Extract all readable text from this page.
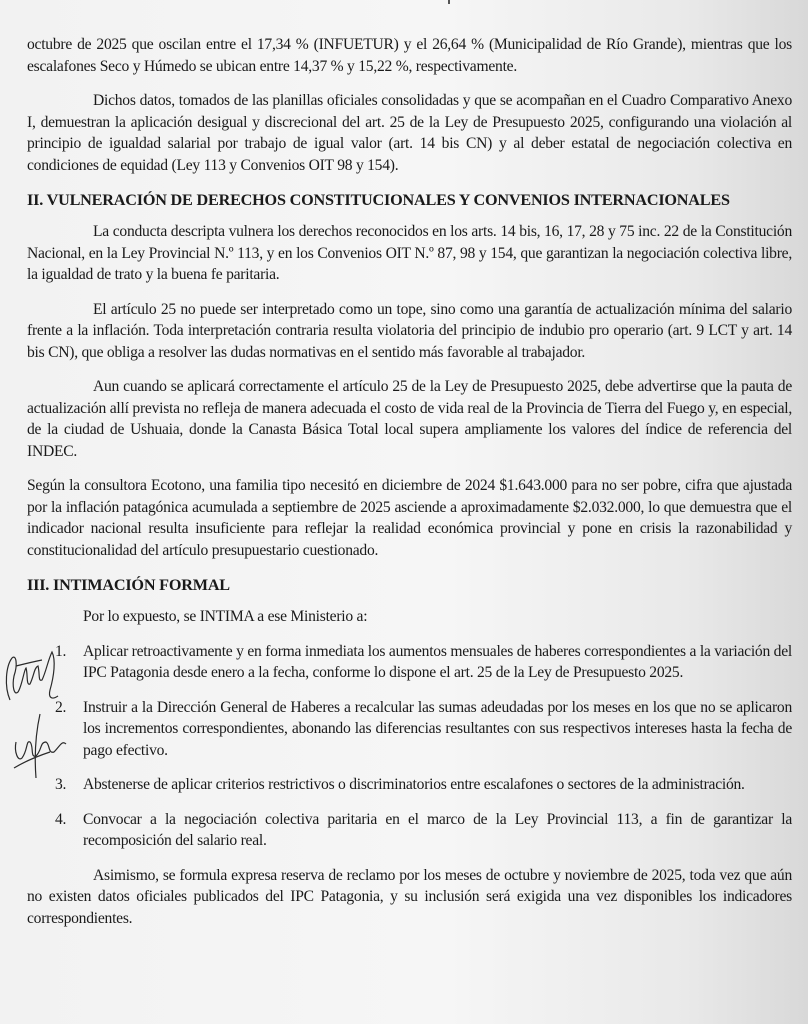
octubre de 2025 que oscilan entre el 17,34 % (INFUETUR) y el 26,64 % (Municipalidad de Río Grande), mientras que los escalafones Seco y Húmedo se ubican entre 14,37 % y 15,22 %, respectivamente.

Dichos datos, tomados de las planillas oficiales consolidadas y que se acompañan en el Cuadro Comparativo Anexo I, demuestran la aplicación desigual y discrecional del art. 25 de la Ley de Presupuesto 2025, configurando una violación al principio de igualdad salarial por trabajo de igual valor (art. 14 bis CN) y al deber estatal de negociación colectiva en condiciones de equidad (Ley 113 y Convenios OIT 98 y 154).

II. VULNERACIÓN DE DERECHOS CONSTITUCIONALES Y CONVENIOS INTERNACIONALES

La conducta descripta vulnera los derechos reconocidos en los arts. 14 bis, 16, 17, 28 y 75 inc. 22 de la Constitución Nacional, en la Ley Provincial N.º 113, y en los Convenios OIT N.º 87, 98 y 154, que garantizan la negociación colectiva libre, la igualdad de trato y la buena fe paritaria.

El artículo 25 no puede ser interpretado como un tope, sino como una garantía de actualización mínima del salario frente a la inflación. Toda interpretación contraria resulta violatoria del principio de indubio pro operario (art. 9 LCT y art. 14 bis CN), que obliga a resolver las dudas normativas en el sentido más favorable al trabajador.

Aun cuando se aplicará correctamente el artículo 25 de la Ley de Presupuesto 2025, debe advertirse que la pauta de actualización allí prevista no refleja de manera adecuada el costo de vida real de la Provincia de Tierra del Fuego y, en especial, de la ciudad de Ushuaia, donde la Canasta Básica Total local supera ampliamente los valores del índice de referencia del INDEC.

Según la consultora Ecotono, una familia tipo necesitó en diciembre de 2024 $1.643.000 para no ser pobre, cifra que ajustada por la inflación patagónica acumulada a septiembre de 2025 asciende a aproximadamente $2.032.000, lo que demuestra que el indicador nacional resulta insuficiente para reflejar la realidad económica provincial y pone en crisis la razonabilidad y constitucionalidad del artículo presupuestario cuestionado.

III. INTIMACIÓN FORMAL

Por lo expuesto, se INTIMA a ese Ministerio a:

1. Aplicar retroactivamente y en forma inmediata los aumentos mensuales de haberes correspondientes a la variación del IPC Patagonia desde enero a la fecha, conforme lo dispone el art. 25 de la Ley de Presupuesto 2025.
2. Instruir a la Dirección General de Haberes a recalcular las sumas adeudadas por los meses en los que no se aplicaron los incrementos correspondientes, abonando las diferencias resultantes con sus respectivos intereses hasta la fecha de pago efectivo.
3. Abstenerse de aplicar criterios restrictivos o discriminatorios entre escalafones o sectores de la administración.
4. Convocar a la negociación colectiva paritaria en el marco de la Ley Provincial 113, a fin de garantizar la recomposición del salario real.

Asimismo, se formula expresa reserva de reclamo por los meses de octubre y noviembre de 2025, toda vez que aún no existen datos oficiales publicados del IPC Patagonia, y su inclusión será exigida una vez disponibles los indicadores correspondientes.
